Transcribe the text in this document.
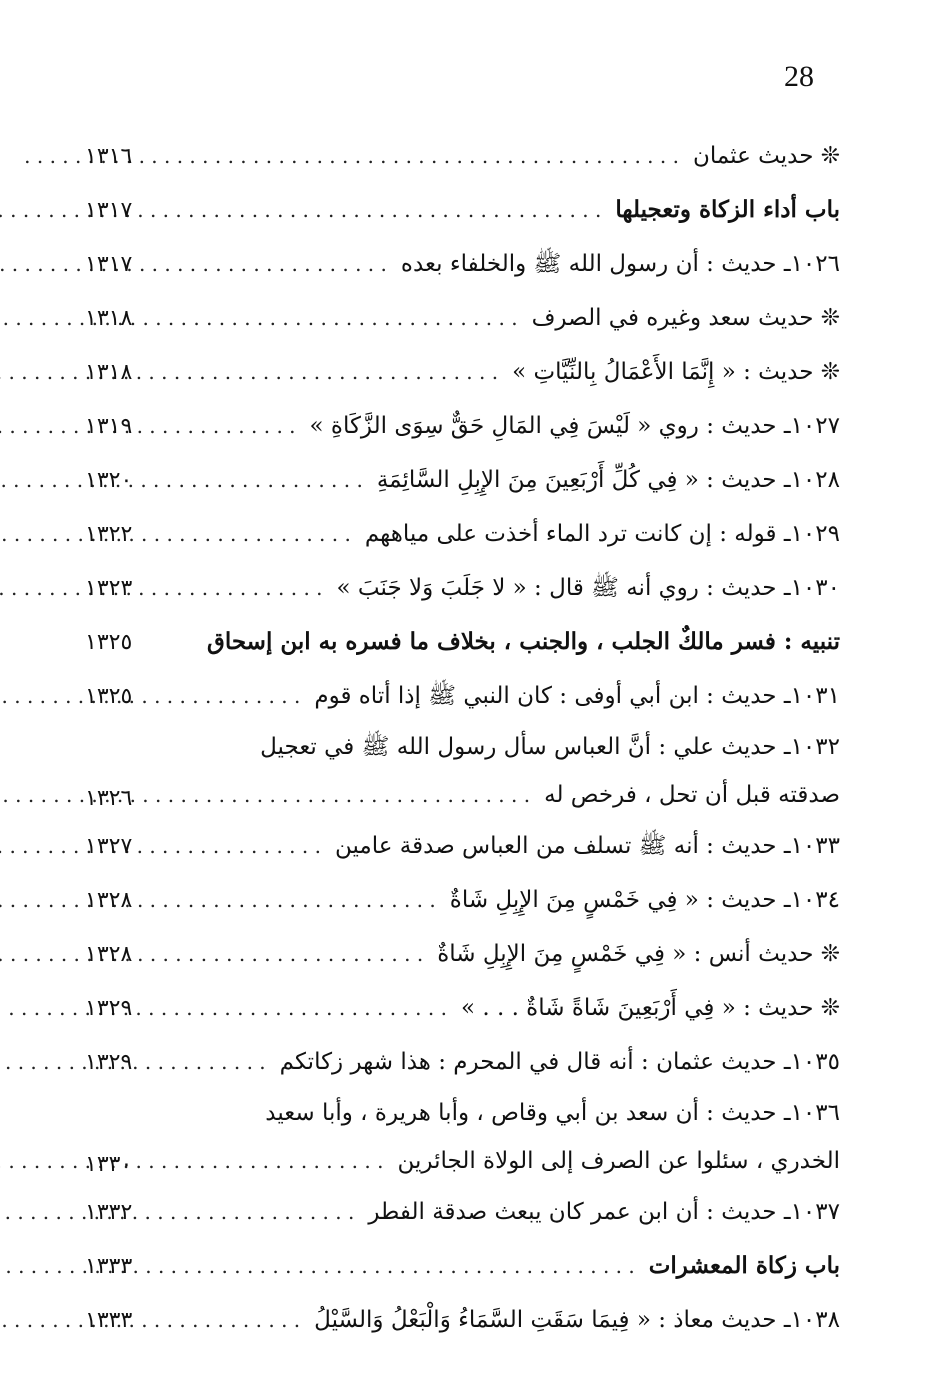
28
❊ حديث عثمان
. . .
١٣١٦
باب أداء الزكاة وتعجيلها
. . .
١٣١٧
١٠٢٦ـ حديث : أن رسول الله ﷺ والخلفاء بعده
. . .
١٣١٧
❊ حديث سعد وغيره في الصرف
. . .
١٣١٨
❊ حديث : « إِنَّمَا الأَعْمَالُ بِالنِّيَّاتِ »
. . .
١٣١٨
١٠٢٧ـ حديث : روي « لَيْسَ فِي المَالِ حَقٌّ سِوَى الزَّكَاةِ »
. . .
١٣١٩
١٠٢٨ـ حديث : « فِي كُلِّ أَرْبَعِينَ مِنَ الإِبِلِ السَّائِمَةِ
. . .
١٣٢٠
١٠٢٩ـ قوله : إن كانت ترد الماء أخذت على مياههم
. . .
١٣٢٢
١٠٣٠ـ حديث : روي أنه ﷺ قال : « لا جَلَبَ وَلا جَنَبَ »
. . .
١٣٢٣
تنبيه : فسر مالكٌ الجلب ، والجنب ، بخلاف ما فسره به ابن إسحاق
١٣٢٥
١٠٣١ـ حديث : ابن أبي أوفى : كان النبي ﷺ إذا أتاه قوم
. . .
١٣٢٥
١٠٣٢ـ حديث علي : أنَّ العباس سأل رسول الله ﷺ في تعجيل
صدقته قبل أن تحل ، فرخص له
. . .
١٣٢٦
١٠٣٣ـ حديث : أنه ﷺ تسلف من العباس صدقة عامين
. . .
١٣٢٧
١٠٣٤ـ حديث : « فِي خَمْسٍ مِنَ الإِبِلِ شَاةٌ
. . .
١٣٢٨
❊ حديث أنس : « فِي خَمْسٍ مِنَ الإِبِلِ شَاةٌ
. . .
١٣٢٨
❊ حديث : « فِي أَرْبَعِينَ شَاةً شَاةٌ . . . »
. . .
١٣٢٩
١٠٣٥ـ حديث عثمان : أنه قال في المحرم : هذا شهر زكاتكم
. . .
١٣٢٩
١٠٣٦ـ حديث : أن سعد بن أبي وقاص ، وأبا هريرة ، وأبا سعيد
الخدري ، سئلوا عن الصرف إلى الولاة الجائرين
. . .
١٣٣٠
١٠٣٧ـ حديث : أن ابن عمر كان يبعث صدقة الفطر
. . .
١٣٣٢
باب زكاة المعشرات
. . .
١٣٣٣
١٠٣٨ـ حديث معاذ : « فِيمَا سَقَتِ السَّمَاءُ وَالْبَعْلُ وَالسَّيْلُ
. . .
١٣٣٣
